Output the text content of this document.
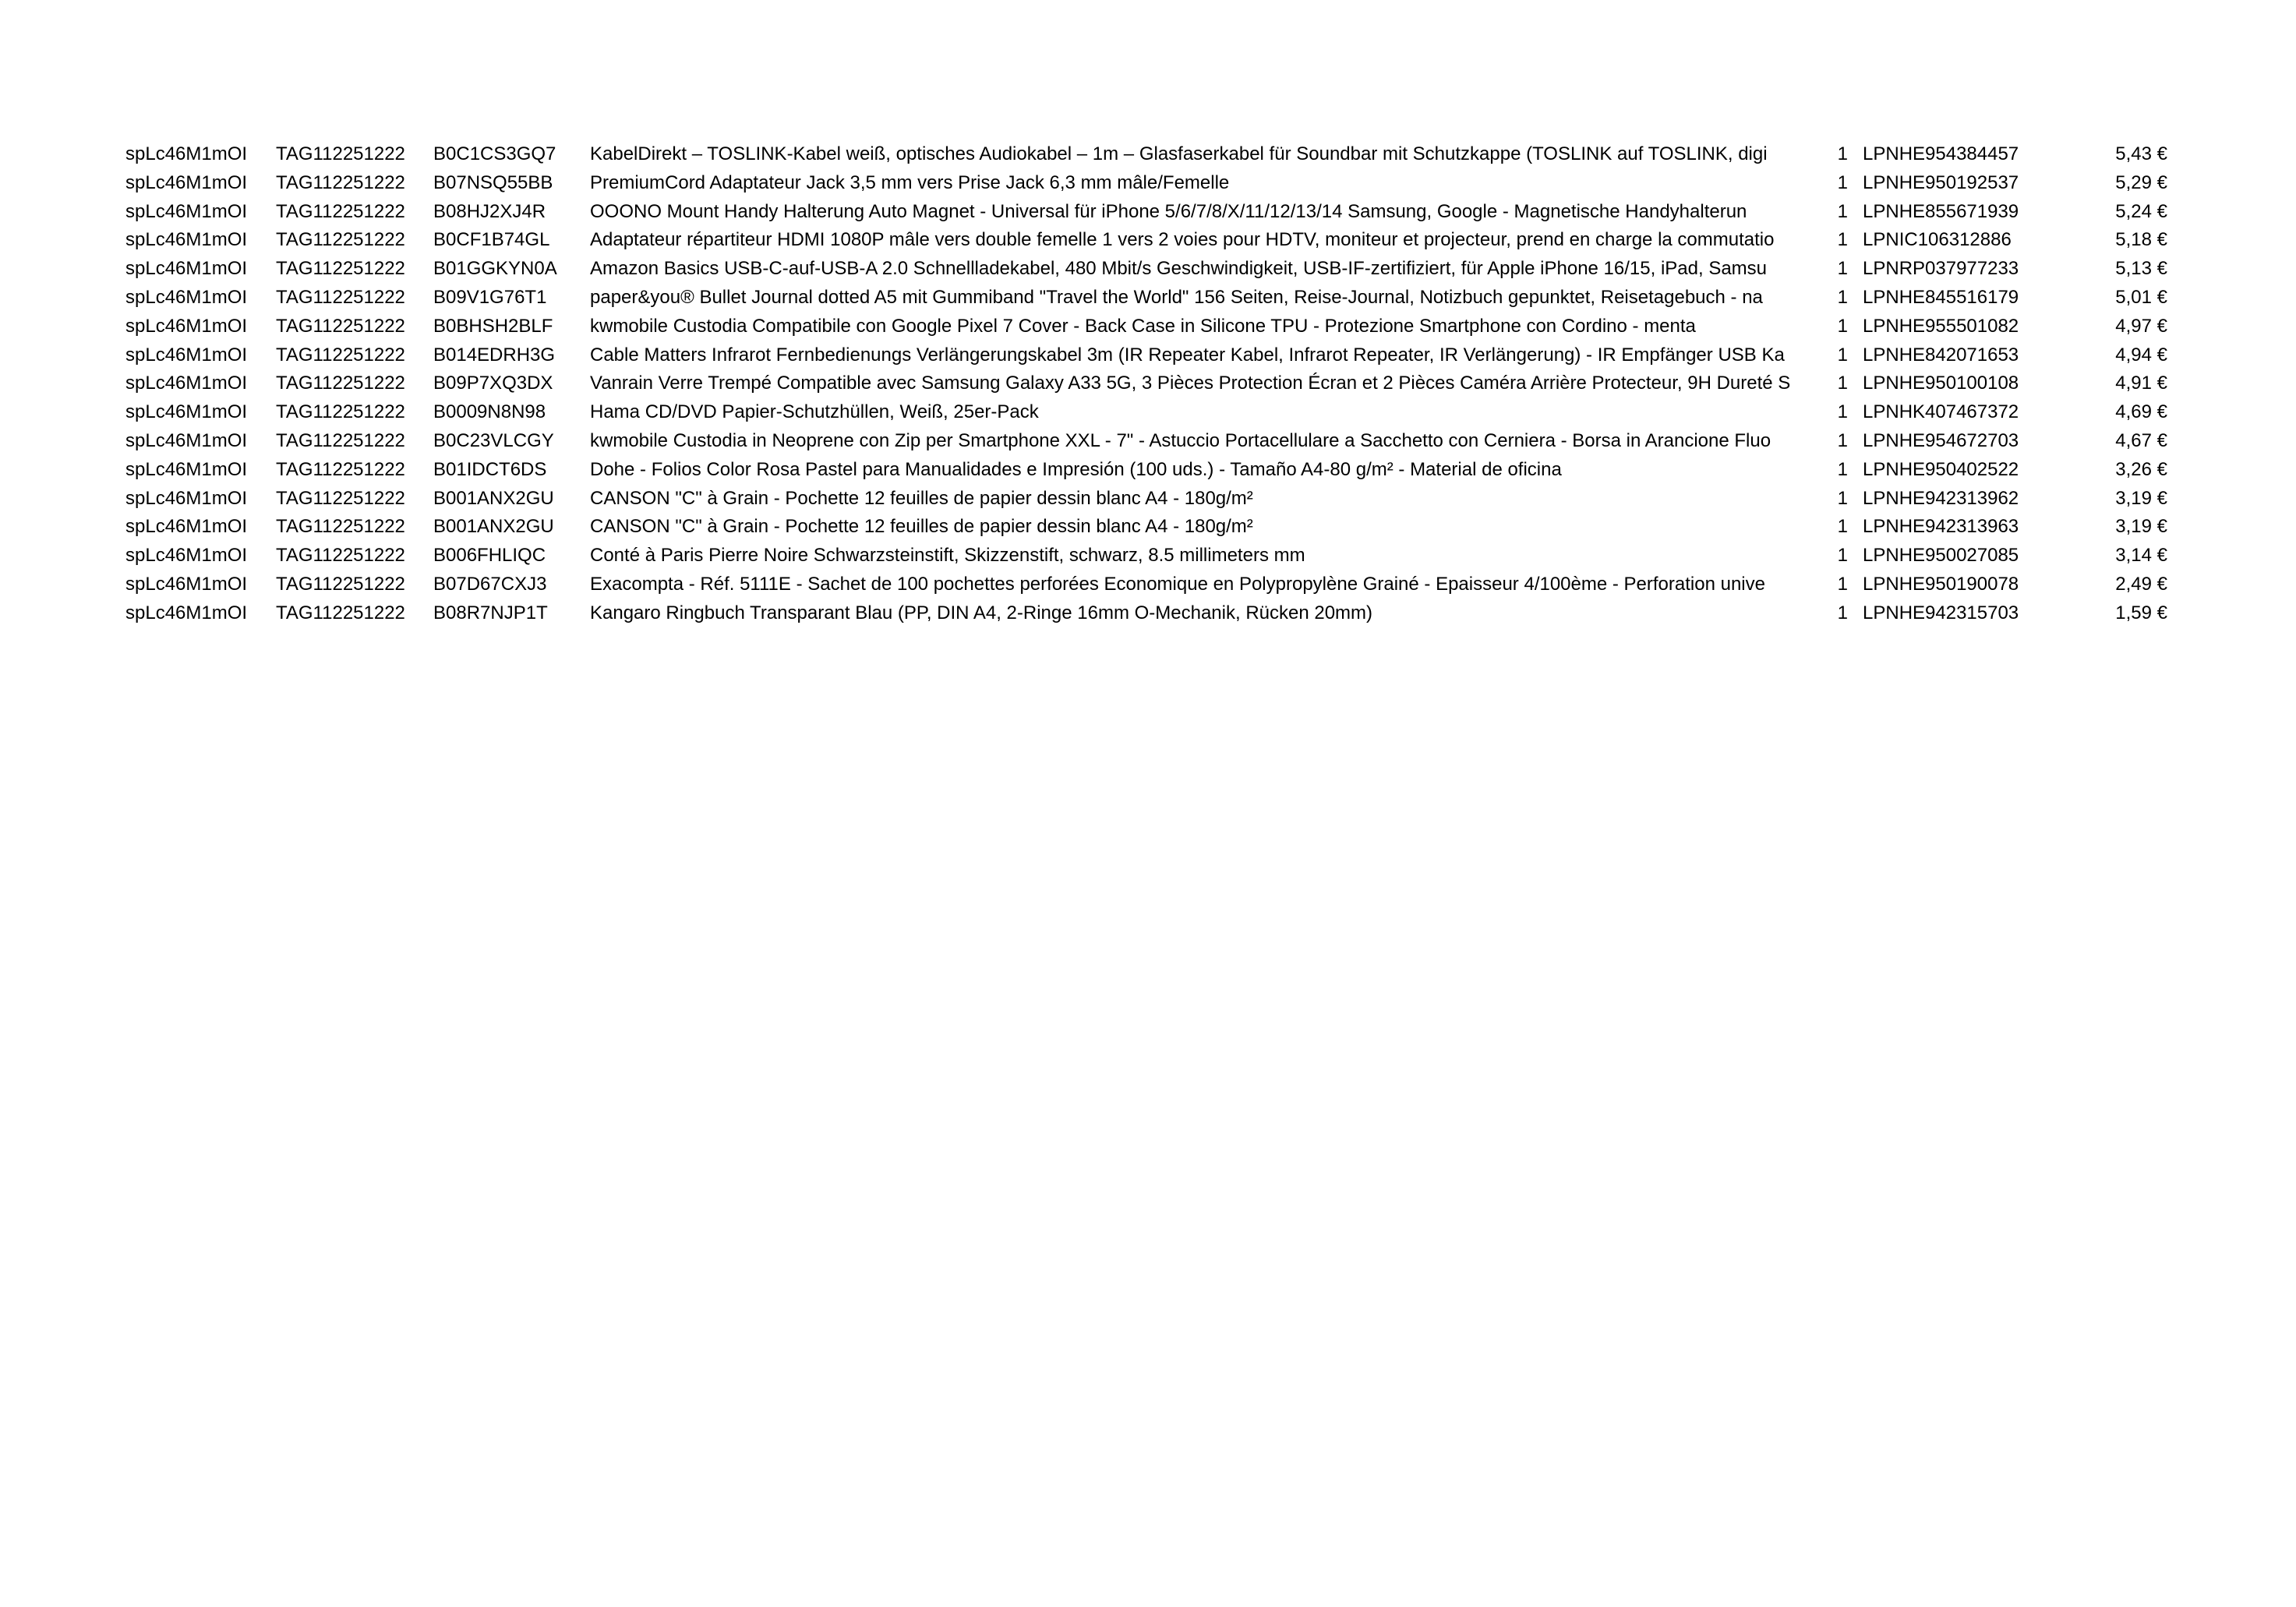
spLc46M1mOI	TAG112251222	B0C1CS3GQ7	KabelDirekt – TOSLINK-Kabel weiß, optisches Audiokabel – 1m – Glasfaserkabel für Soundbar mit Schutzkappe (TOSLINK auf TOSLINK, digi	1 LPNHE954384457	5,43 €
spLc46M1mOI	TAG112251222	B07NSQ55BB	PremiumCord Adaptateur Jack 3,5 mm vers Prise Jack 6,3 mm mâle/Femelle	1 LPNHE950192537	5,29 €
spLc46M1mOI	TAG112251222	B08HJ2XJ4R	OOONO Mount Handy Halterung Auto Magnet - Universal für iPhone 5/6/7/8/X/11/12/13/14 Samsung, Google - Magnetische Handyhalterun	1 LPNHE855671939	5,24 €
spLc46M1mOI	TAG112251222	B0CF1B74GL	Adaptateur répartiteur HDMI 1080P mâle vers double femelle 1 vers 2 voies pour HDTV, moniteur et projecteur, prend en charge la commutatio	1 LPNIC106312886	5,18 €
spLc46M1mOI	TAG112251222	B01GGKYN0A	Amazon Basics USB-C-auf-USB-A 2.0 Schnellladekabel, 480 Mbit/s Geschwindigkeit, USB-IF-zertifiziert, für Apple iPhone 16/15, iPad, Samsu	1 LPNRP037977233	5,13 €
spLc46M1mOI	TAG112251222	B09V1G76T1	paper&you® Bullet Journal dotted A5 mit Gummiband "Travel the World" 156 Seiten, Reise-Journal, Notizbuch gepunktet, Reisetagebuch - na	1 LPNHE845516179	5,01 €
spLc46M1mOI	TAG112251222	B0BHSH2BLF	kwmobile Custodia Compatibile con Google Pixel 7 Cover - Back Case in Silicone TPU - Protezione Smartphone con Cordino - menta	1 LPNHE955501082	4,97 €
spLc46M1mOI	TAG112251222	B014EDRH3G	Cable Matters Infrarot Fernbedienungs Verlängerungskabel 3m (IR Repeater Kabel, Infrarot Repeater, IR Verlängerung) - IR Empfänger USB Ka	1 LPNHE842071653	4,94 €
spLc46M1mOI	TAG112251222	B09P7XQ3DX	Vanrain Verre Trempé Compatible avec Samsung Galaxy A33 5G, 3 Pièces Protection Écran et 2 Pièces Caméra Arrière Protecteur, 9H Dureté S	1 LPNHE950100108	4,91 €
spLc46M1mOI	TAG112251222	B0009N8N98	Hama CD/DVD Papier-Schutzhüllen, Weiß, 25er-Pack	1 LPNHK407467372	4,69 €
spLc46M1mOI	TAG112251222	B0C23VLCGY	kwmobile Custodia in Neoprene con Zip per Smartphone XXL - 7" - Astuccio Portacellulare a Sacchetto con Cerniera - Borsa in Arancione Fluo	1 LPNHE954672703	4,67 €
spLc46M1mOI	TAG112251222	B01IDCT6DS	Dohe - Folios Color Rosa Pastel para Manualidades e Impresión (100 uds.) - Tamaño A4-80 g/m² - Material de oficina	1 LPNHE950402522	3,26 €
spLc46M1mOI	TAG112251222	B001ANX2GU	CANSON "C" à Grain - Pochette 12 feuilles de papier dessin blanc A4 - 180g/m²	1 LPNHE942313962	3,19 €
spLc46M1mOI	TAG112251222	B001ANX2GU	CANSON "C" à Grain - Pochette 12 feuilles de papier dessin blanc A4 - 180g/m²	1 LPNHE942313963	3,19 €
spLc46M1mOI	TAG112251222	B006FHLIQC	Conté à Paris Pierre Noire Schwarzsteinstift, Skizzenstift, schwarz, 8.5 millimeters mm	1 LPNHE950027085	3,14 €
spLc46M1mOI	TAG112251222	B07D67CXJ3	Exacompta - Réf. 5111E - Sachet de 100 pochettes perforées Economique en Polypropylène Grainé - Epaisseur 4/100ème - Perforation unive	1 LPNHE950190078	2,49 €
spLc46M1mOI	TAG112251222	B08R7NJP1T	Kangaro Ringbuch Transparant Blau (PP, DIN A4, 2-Ringe 16mm O-Mechanik, Rücken 20mm)	1 LPNHE942315703	1,59 €
